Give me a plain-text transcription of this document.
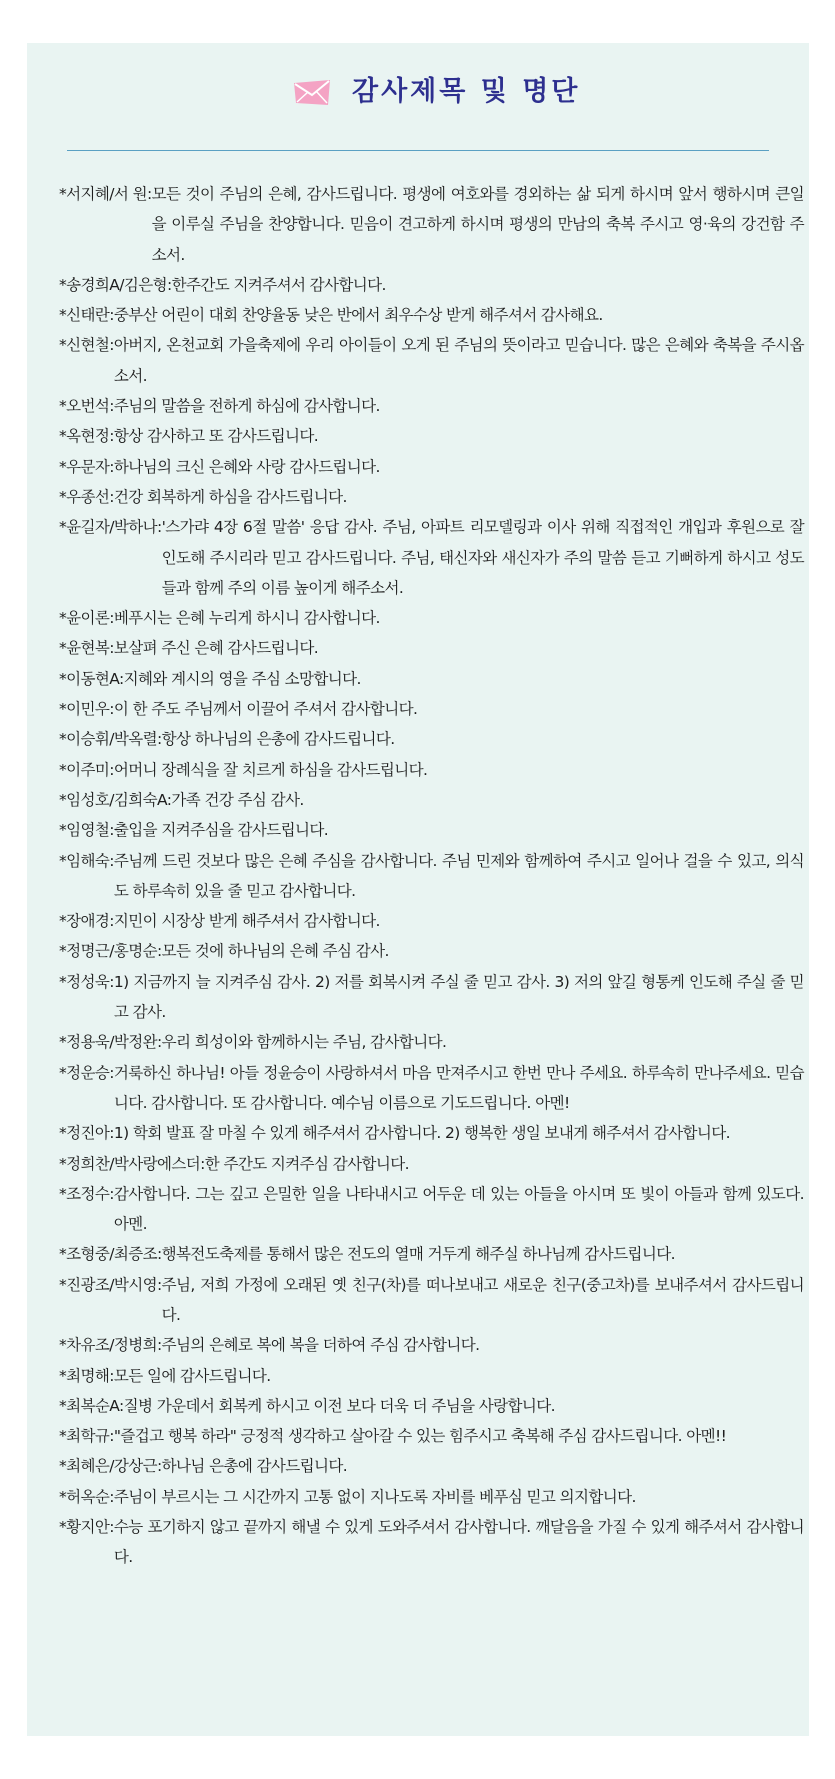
감사제목 및 명단
*서지혜/서 원: 모든 것이 주님의 은혜, 감사드립니다. 평생에 여호와를 경외하는 삶 되게 하시며 앞서 행하시며 큰일을 이루실 주님을 찬양합니다. 믿음이 견고하게 하시며 평생의 만남의 축복 주시고 영·육의 강건함 주소서.
*송경희A/김은형: 한주간도 지켜주셔서 감사합니다.
*신태란: 중부산 어린이 대회 찬양율동 낮은 반에서 최우수상 받게 해주셔서 감사해요.
*신현철: 아버지, 온천교회 가을축제에 우리 아이들이 오게 된 주님의 뜻이라고 믿습니다. 많은 은혜와 축복을 주시옵소서.
*오번석: 주님의 말씀을 전하게 하심에 감사합니다.
*옥현정: 항상 감사하고 또 감사드립니다.
*우문자: 하나님의 크신 은혜와 사랑 감사드립니다.
*우종선: 건강 회복하게 하심을 감사드립니다.
*윤길자/박하나: '스가랴 4장 6절 말씀' 응답 감사. 주님, 아파트 리모델링과 이사 위해 직접적인 개입과 후원으로 잘 인도해 주시리라 믿고 감사드립니다. 주님, 태신자와 새신자가 주의 말씀 듣고 기뻐하게 하시고 성도들과 함께 주의 이름 높이게 해주소서.
*윤이론: 베푸시는 은혜 누리게 하시니 감사합니다.
*윤현복: 보살펴 주신 은혜 감사드립니다.
*이동현A: 지혜와 계시의 영을 주심 소망합니다.
*이민우: 이 한 주도 주님께서 이끌어 주셔서 감사합니다.
*이승휘/박옥렬: 항상 하나님의 은총에 감사드립니다.
*이주미: 어머니 장례식을 잘 치르게 하심을 감사드립니다.
*임성호/김희숙A: 가족 건강 주심 감사.
*임영철: 출입을 지켜주심을 감사드립니다.
*임해숙: 주님께 드린 것보다 많은 은혜 주심을 감사합니다. 주님 민제와 함께하여 주시고 일어나 걸을 수 있고, 의식도 하루속히 있을 줄 믿고 감사합니다.
*장애경: 지민이 시장상 받게 해주셔서 감사합니다.
*정명근/홍명순: 모든 것에 하나님의 은혜 주심 감사.
*정성욱: 1) 지금까지 늘 지켜주심 감사. 2) 저를 회복시켜 주실 줄 믿고 감사. 3) 저의 앞길 형통케 인도해 주실 줄 믿고 감사.
*정용욱/박정완: 우리 희성이와 함께하시는 주님, 감사합니다.
*정운승: 거룩하신 하나님! 아들 정윤승이 사랑하셔서 마음 만져주시고 한번 만나 주세요. 하루속히 만나주세요. 믿습니다. 감사합니다. 또 감사합니다. 예수님 이름으로 기도드립니다. 아멘!
*정진아: 1) 학회 발표 잘 마칠 수 있게 해주셔서 감사합니다. 2) 행복한 생일 보내게 해주셔서 감사합니다.
*정희찬/박사랑에스더: 한 주간도 지켜주심 감사합니다.
*조정수: 감사합니다. 그는 깊고 은밀한 일을 나타내시고 어두운 데 있는 아들을 아시며 또 빛이 아들과 함께 있도다. 아멘.
*조형중/최증조: 행복전도축제를 통해서 많은 전도의 열매 거두게 해주실 하나님께 감사드립니다.
*진광조/박시영: 주님, 저희 가정에 오래된 옛 친구(차)를 떠나보내고 새로운 친구(중고차)를 보내주셔서 감사드립니다.
*차유조/정병희: 주님의 은혜로 복에 복을 더하여 주심 감사합니다.
*최명해: 모든 일에 감사드립니다.
*최복순A: 질병 가운데서 회복케 하시고 이전 보다 더욱 더 주님을 사랑합니다.
*최학규: "즐겁고 행복 하라" 긍정적 생각하고 살아갈 수 있는 힘주시고 축복해 주심 감사드립니다. 아멘!!
*최혜은/강상근: 하나님 은총에 감사드립니다.
*허옥순: 주님이 부르시는 그 시간까지 고통 없이 지나도록 자비를 베푸심 믿고 의지합니다.
*황지안: 수능 포기하지 않고 끝까지 해낼 수 있게 도와주셔서 감사합니다. 깨달음을 가질 수 있게 해주셔서 감사합니다.
